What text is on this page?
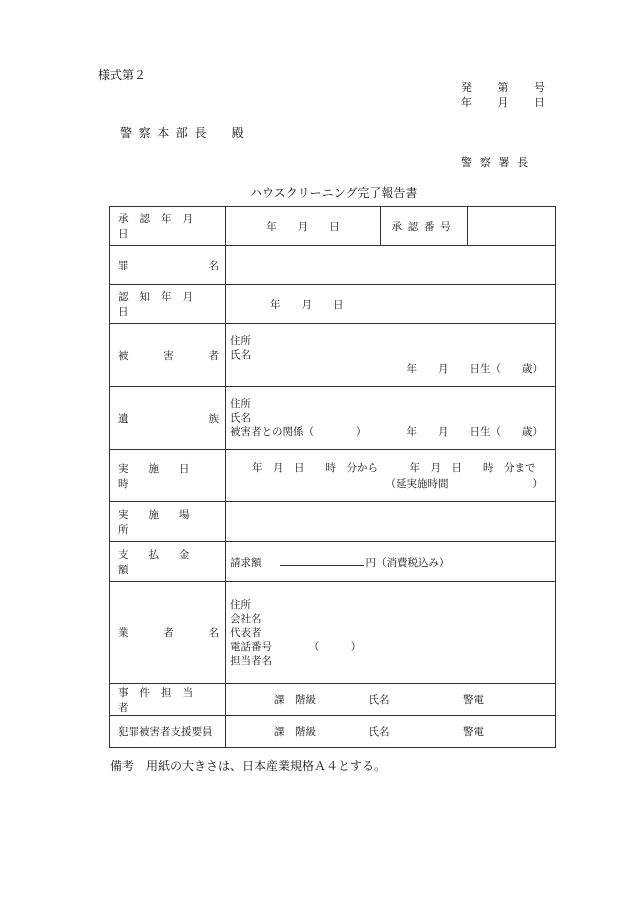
様式第２
発 第 号
年 月 日
警察本部長　殿
警察署長
ハウスクリーニング完了報告書
承認年月日	年　　月　　日	承認番号	

罪 名			

認知年月日	年　　月　　日		

被 害 者	住所
氏名
年　　月　　日生（　　歳）		

遺 族	住所
氏名
被害者との関係（　　　　） 年　　月　　日生（　　歳）		

実施日時	年　月　日　　時　分から　　　年　月　日　　時　分まで
（延実施時間　　　　　　　　）		

実施場所			

支払金額	請求額 円（消費税込み）		

業 者 名	住所
会社名
代表者
電話番号　　　　（　　　）
担当者名		

事件担当者	課　階級　　　　　氏名　　　　　　　警電		

犯罪被害者支援要員	課　階級　　　　　氏名　　　　　　　警電		
備考　用紙の大きさは、日本産業規格Ａ４とする。
